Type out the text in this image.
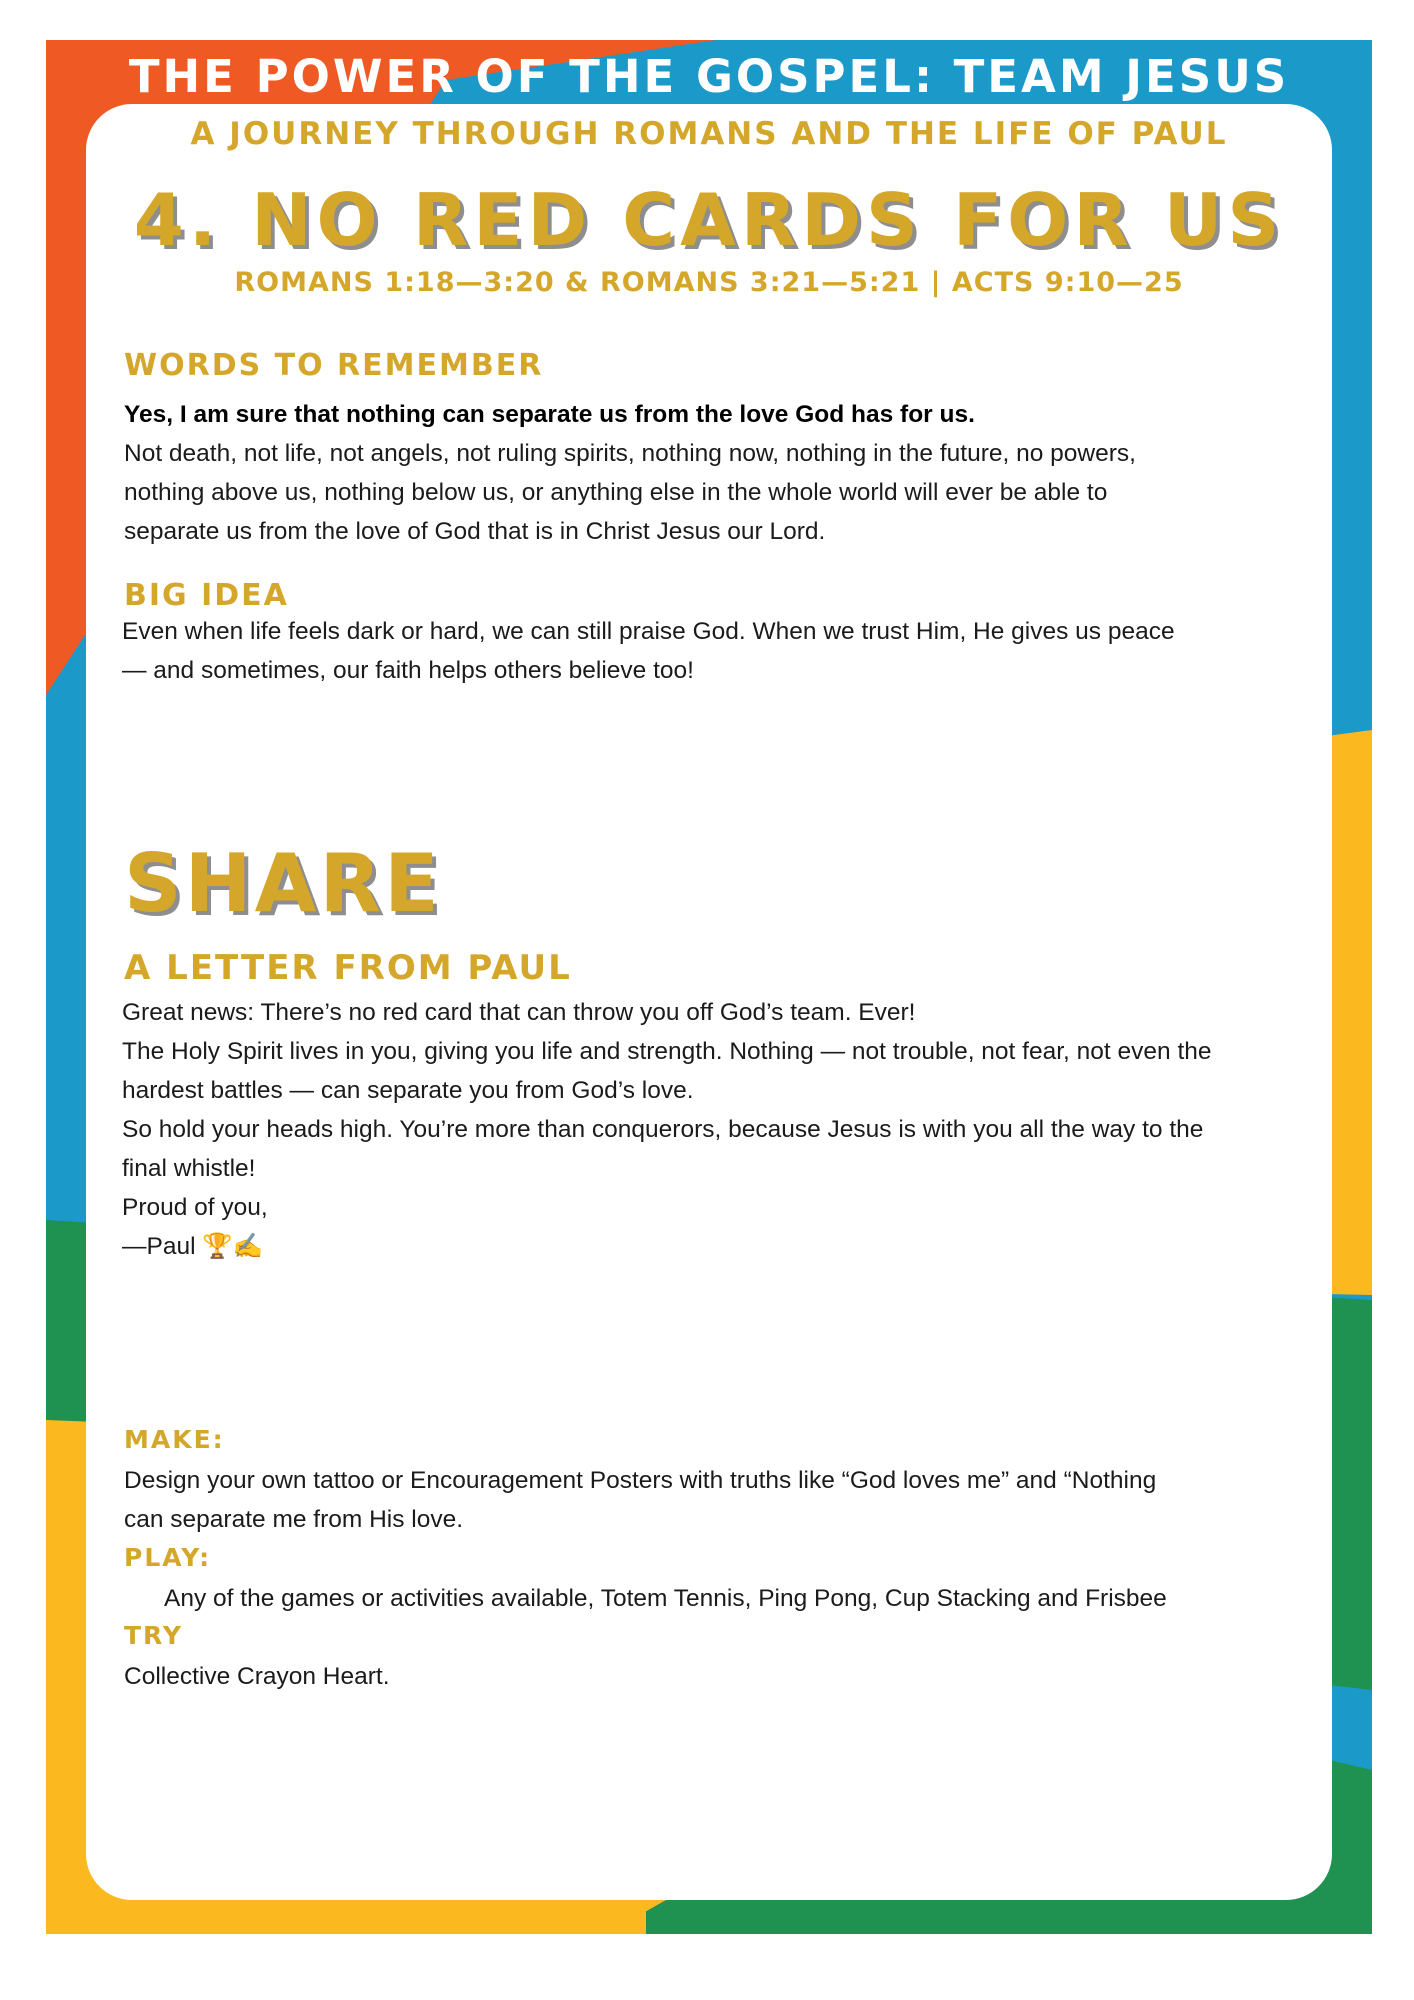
THE POWER OF THE GOSPEL: TEAM JESUS
A JOURNEY THROUGH ROMANS AND THE LIFE OF PAUL
4. NO RED CARDS FOR US
ROMANS 1:18—3:20 & ROMANS 3:21—5:21 | ACTS 9:10—25
WORDS TO REMEMBER

Yes, I am sure that nothing can separate us from the love God has for us.

Not death, not life, not angels, not ruling spirits, nothing now, nothing in the future, no powers,

nothing above us, nothing below us, or anything else in the whole world will ever be able to

separate us from the love of God that is in Christ Jesus our Lord.

BIG IDEA

Even when life feels dark or hard, we can still praise God. When we trust Him, He gives us peace

— and sometimes, our faith helps others believe too!

SHARE
A LETTER FROM PAUL

Great news: There’s no red card that can throw you off God’s team. Ever!

The Holy Spirit lives in you, giving you life and strength. Nothing — not trouble, not fear, not even the

hardest battles — can separate you from God’s love.

So hold your heads high. You’re more than conquerors, because Jesus is with you all the way to the

final whistle!

Proud of you,

—Paul 🏆✍

MAKE:

Design your own tattoo or Encouragement Posters with truths like “God loves me” and “Nothing

can separate me from His love.

PLAY:

Any of the games or activities available, Totem Tennis, Ping Pong, Cup Stacking and Frisbee

TRY

Collective Crayon Heart.
